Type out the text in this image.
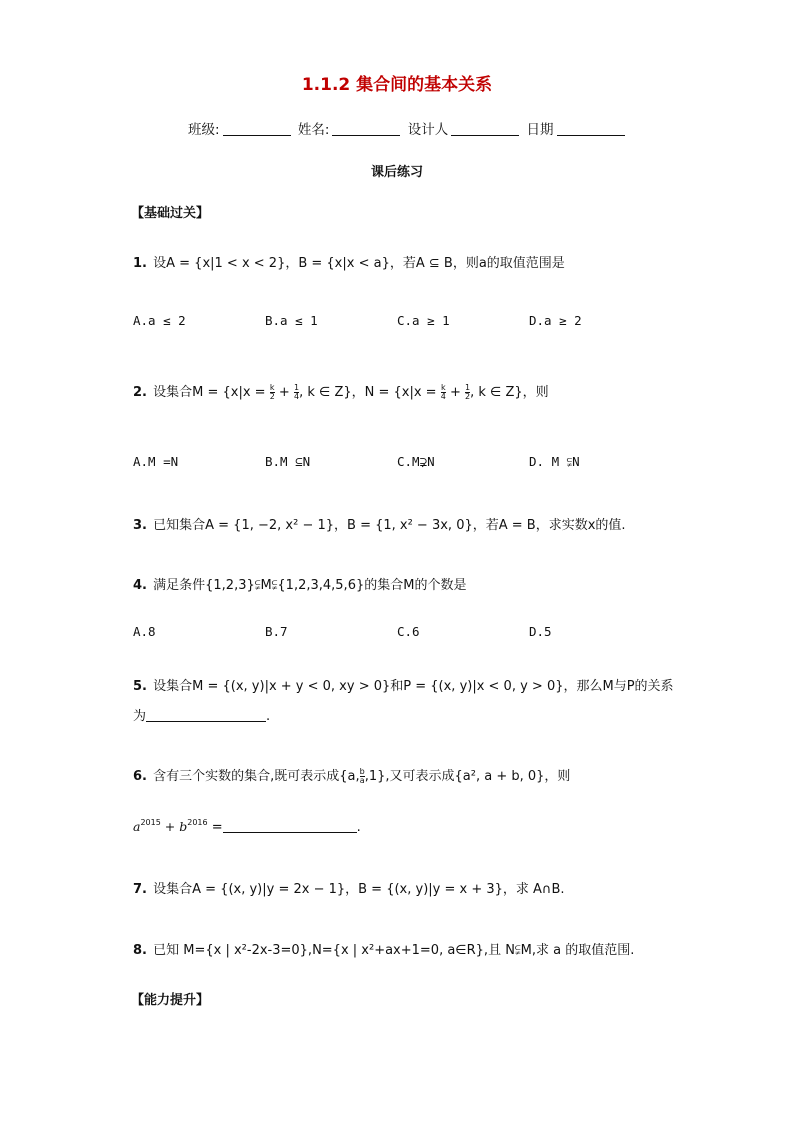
1.1.2 集合间的基本关系
班级:	姓名:	设计人	日期
课后练习
【基础过关】
1. 设A = {x|1 < x < 2}，B = {x|x < a}，若A ⊆ B，则a的取值范围是
A.a ≤ 2	B.a ≤ 1	C.a ≥ 1	D.a ≥ 2
2. 设集合$M = \{x|x = \frac{k}{2} + \frac{1}{4}$ , k ∈ Z}，$N = \{x|x = \frac{k}{4} + \frac{1}{2}$ , k ∈ Z}，则
A.M =N	B.M ⊆N	C.M⊋N	D. M ⫋N
3. 已知集合A = {1, −2, x² − 1}，B = {1, x² − 3x, 0}，若A = B，求实数x的值.
4. 满足条件{1,2,3}⫋M⫋{1,2,3,4,5,6}的集合M的个数是
A.8	B.7	C.6	D.5
5. 设集合M = {(x, y)|x + y < 0, xy > 0}和P = {(x, y)|x < 0, y > 0}，那么M与P的关系
为	.
6. 含有三个实数的集合,既可表示成{a, $\frac{b}{a} ,1$},又可表示成{a², a + b, 0}，则
$a^{2015} + b^{2016}$ =	.
7. 设集合A = {(x, y)|y = 2x − 1}，B = {(x, y)|y = x + 3}，求 A∩B.
8. 已知 M={x | x²-2x-3=0},N={x | x²+ax+1=0, a∈R},且 N⫋M,求 a 的取值范围.
【能力提升】
